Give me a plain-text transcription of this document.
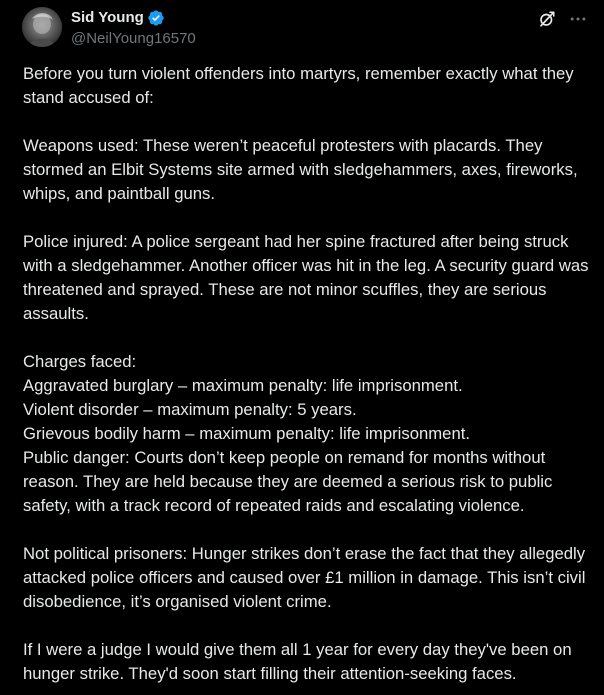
Sid Young
@NeilYoung16570

Before you turn violent offenders into martyrs, remember exactly what they stand accused of:

Weapons used: These weren’t peaceful protesters with placards. They stormed an Elbit Systems site armed with sledgehammers, axes, fireworks, whips, and paintball guns.

Police injured: A police sergeant had her spine fractured after being struck with a sledgehammer. Another officer was hit in the leg. A security guard was threatened and sprayed. These are not minor scuffles, they are serious assaults.

Charges faced:
Aggravated burglary – maximum penalty: life imprisonment.
Violent disorder – maximum penalty: 5 years.
Grievous bodily harm – maximum penalty: life imprisonment.
Public danger: Courts don’t keep people on remand for months without reason. They are held because they are deemed a serious risk to public safety, with a track record of repeated raids and escalating violence.

Not political prisoners: Hunger strikes don’t erase the fact that they allegedly attacked police officers and caused over £1 million in damage. This isn’t civil disobedience, it’s organised violent crime.

If I were a judge I would give them all 1 year for every day they've been on hunger strike. They'd soon start filling their attention-seeking faces.
